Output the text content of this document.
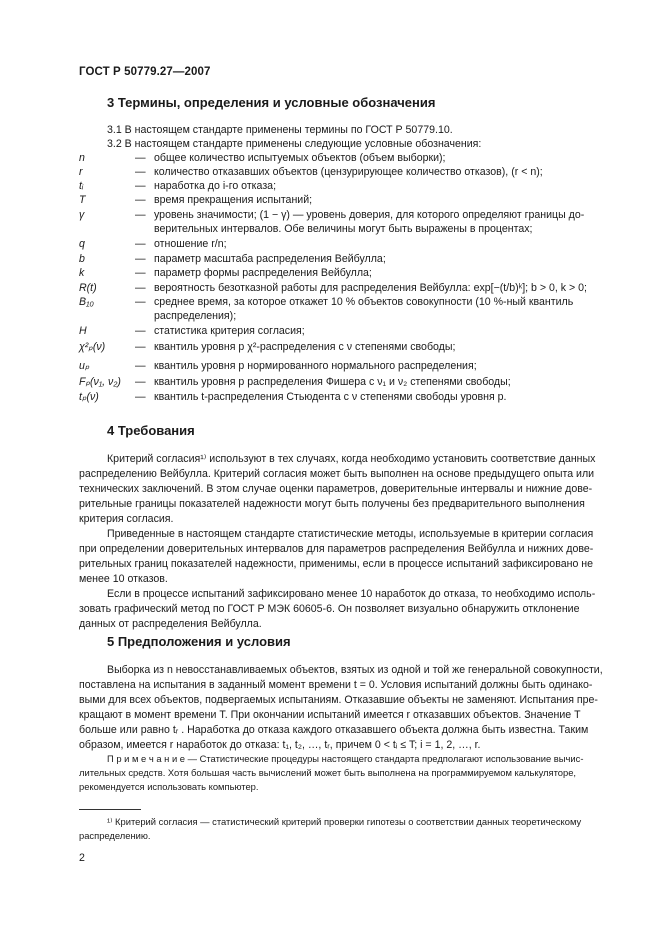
ГОСТ Р 50779.27—2007
3 Термины, определения и условные обозначения
3.1 В настоящем стандарте применены термины по ГОСТ Р 50779.10.
3.2 В настоящем стандарте применены следующие условные обозначения:
n	— общее количество испытуемых объектов (объем выборки);
r	— количество отказавших объектов (цензурирующее количество отказов), (r < n);
tᵢ	— наработка до i-го отказа;
T	— время прекращения испытаний;
γ	— уровень значимости; (1 − γ) — уровень доверия, для которого определяют границы до-
верительных интервалов. Обе величины могут быть выражены в процентах;
q	— отношение r/n;
b	— параметр масштаба распределения Вейбулла;
k	— параметр формы распределения Вейбулла;
R(t)	— вероятность безотказной работы для распределения Вейбулла: exp[−(t/b)ᵏ]; b > 0, k > 0;
B₁₀	— среднее время, за которое откажет 10 % объектов совокупности (10 %-ный квантиль
распределения);
H	— статистика критерия согласия;
χ²ₚ(ν)	— квантиль уровня p χ²-распределения с ν степенями свободы;
uₚ	— квантиль уровня p нормированного нормального распределения;
Fₚ(ν₁, ν₂) — квантиль уровня p распределения Фишера с ν₁ и ν₂ степенями свободы;
tₚ(ν)	— квантиль t-распределения Стьюдента с ν степенями свободы уровня p.
4 Требования

Критерий согласия¹⁾ используют в тех случаях, когда необходимо установить соответствие данных

распределению Вейбулла. Критерий согласия может быть выполнен на основе предыдущего опыта или

технических заключений. В этом случае оценки параметров, доверительные интервалы и нижние дове-

рительные границы показателей надежности могут быть получены без предварительного выполнения

критерия согласия.

Приведенные в настоящем стандарте статистические методы, используемые в критерии согласия

при определении доверительных интервалов для параметров распределения Вейбулла и нижних дове-

рительных границ показателей надежности, применимы, если в процессе испытаний зафиксировано не

менее 10 отказов.

Если в процессе испытаний зафиксировано менее 10 наработок до отказа, то необходимо исполь-

зовать графический метод по ГОСТ Р МЭК 60605-6. Он позволяет визуально обнаружить отклонение

данных от распределения Вейбулла.

5 Предположения и условия

Выборка из n невосстанавливаемых объектов, взятых из одной и той же генеральной совокупности,

поставлена на испытания в заданный момент времени t = 0. Условия испытаний должны быть одинако-

выми для всех объектов, подвергаемых испытаниям. Отказавшие объекты не заменяют. Испытания пре-

кращают в момент времени T. При окончании испытаний имеется r отказавших объектов. Значение T

больше или равно tᵣ . Наработка до отказа каждого отказавшего объекта должна быть известна. Таким

образом, имеется r наработок до отказа: t₁, t₂, …, tᵣ, причем 0 < tᵢ ≤ T; i = 1, 2, …, r.

П р и м е ч а н и е — Статистические процедуры настоящего стандарта предполагают использование вычис-
лительных средств. Хотя большая часть вычислений может быть выполнена на программируемом калькуляторе,
рекомендуется использовать компьютер.
¹⁾ Критерий согласия — статистический критерий проверки гипотезы о соответствии данных теоретическому
распределению.
2
